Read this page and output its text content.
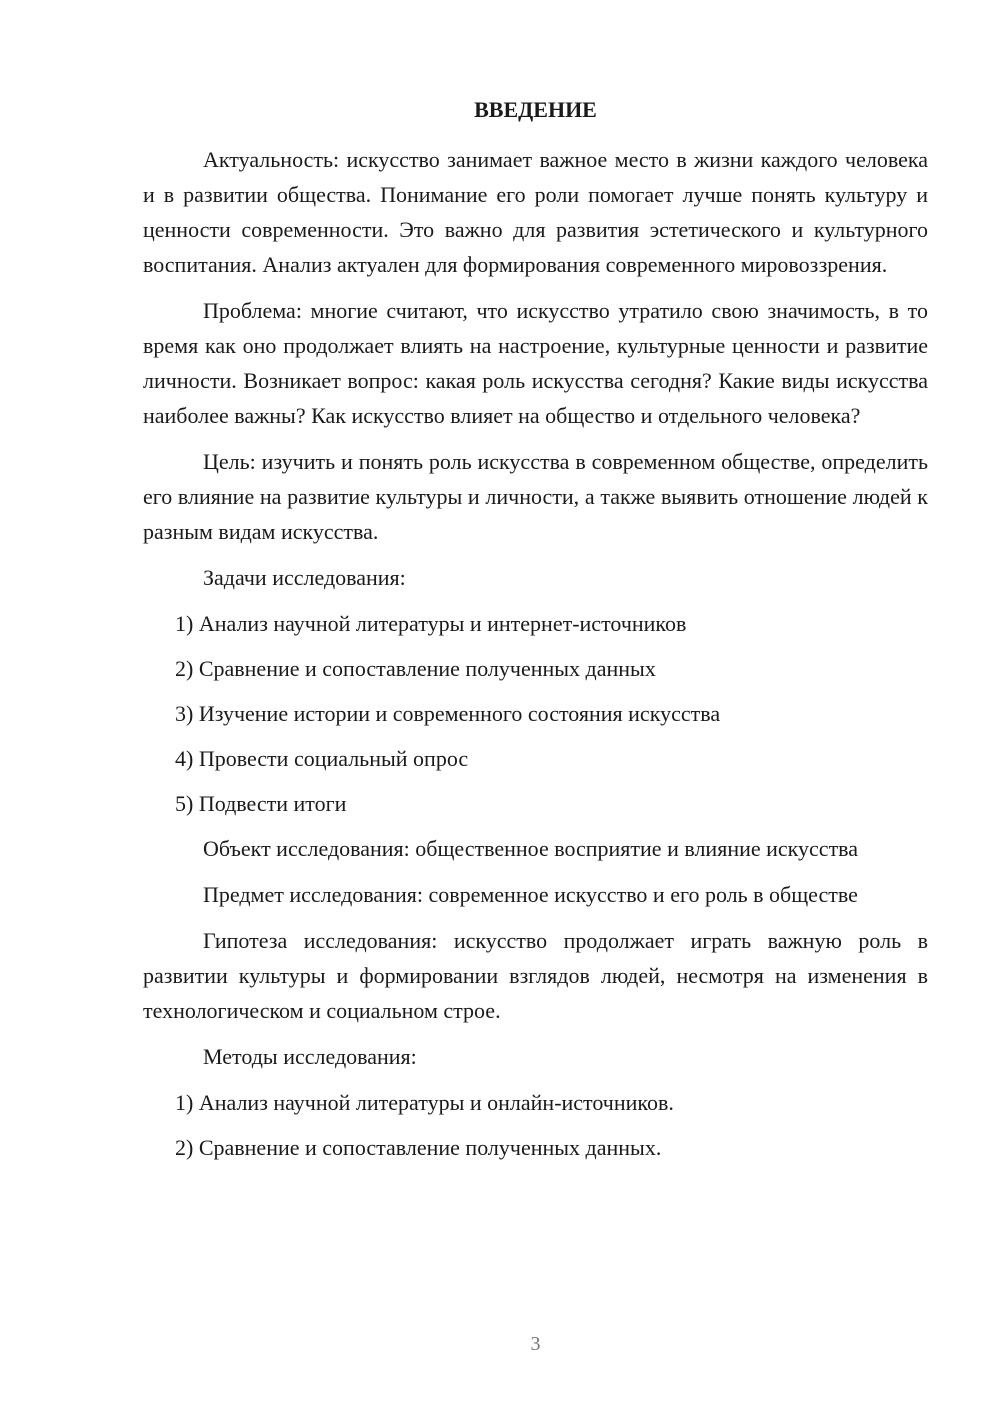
ВВЕДЕНИЕ

Актуальность: искусство занимает важное место в жизни каждого человека и в развитии общества. Понимание его роли помогает лучше понять культуру и ценности современности. Это важно для развития эстетического и культурного воспитания. Анализ актуален для формирования современного мировоззрения.

Проблема: многие считают, что искусство утратило свою значимость, в то время как оно продолжает влиять на настроение, культурные ценности и развитие личности. Возникает вопрос: какая роль искусства сегодня? Какие виды искусства наиболее важны? Как искусство влияет на общество и отдельного человека?

Цель: изучить и понять роль искусства в современном обществе, определить его влияние на развитие культуры и личности, а также выявить отношение людей к разным видам искусства.

Задачи исследования:

1) Анализ научной литературы и интернет-источников
2) Сравнение и сопоставление полученных данных
3) Изучение истории и современного состояния искусства
4) Провести социальный опрос
5) Подвести итоги

Объект исследования: общественное восприятие и влияние искусства

Предмет исследования: современное искусство и его роль в обществе

Гипотеза исследования: искусство продолжает играть важную роль в развитии культуры и формировании взглядов людей, несмотря на изменения в технологическом и социальном строе.

Методы исследования:

1) Анализ научной литературы и онлайн-источников.
2) Сравнение и сопоставление полученных данных.
3
